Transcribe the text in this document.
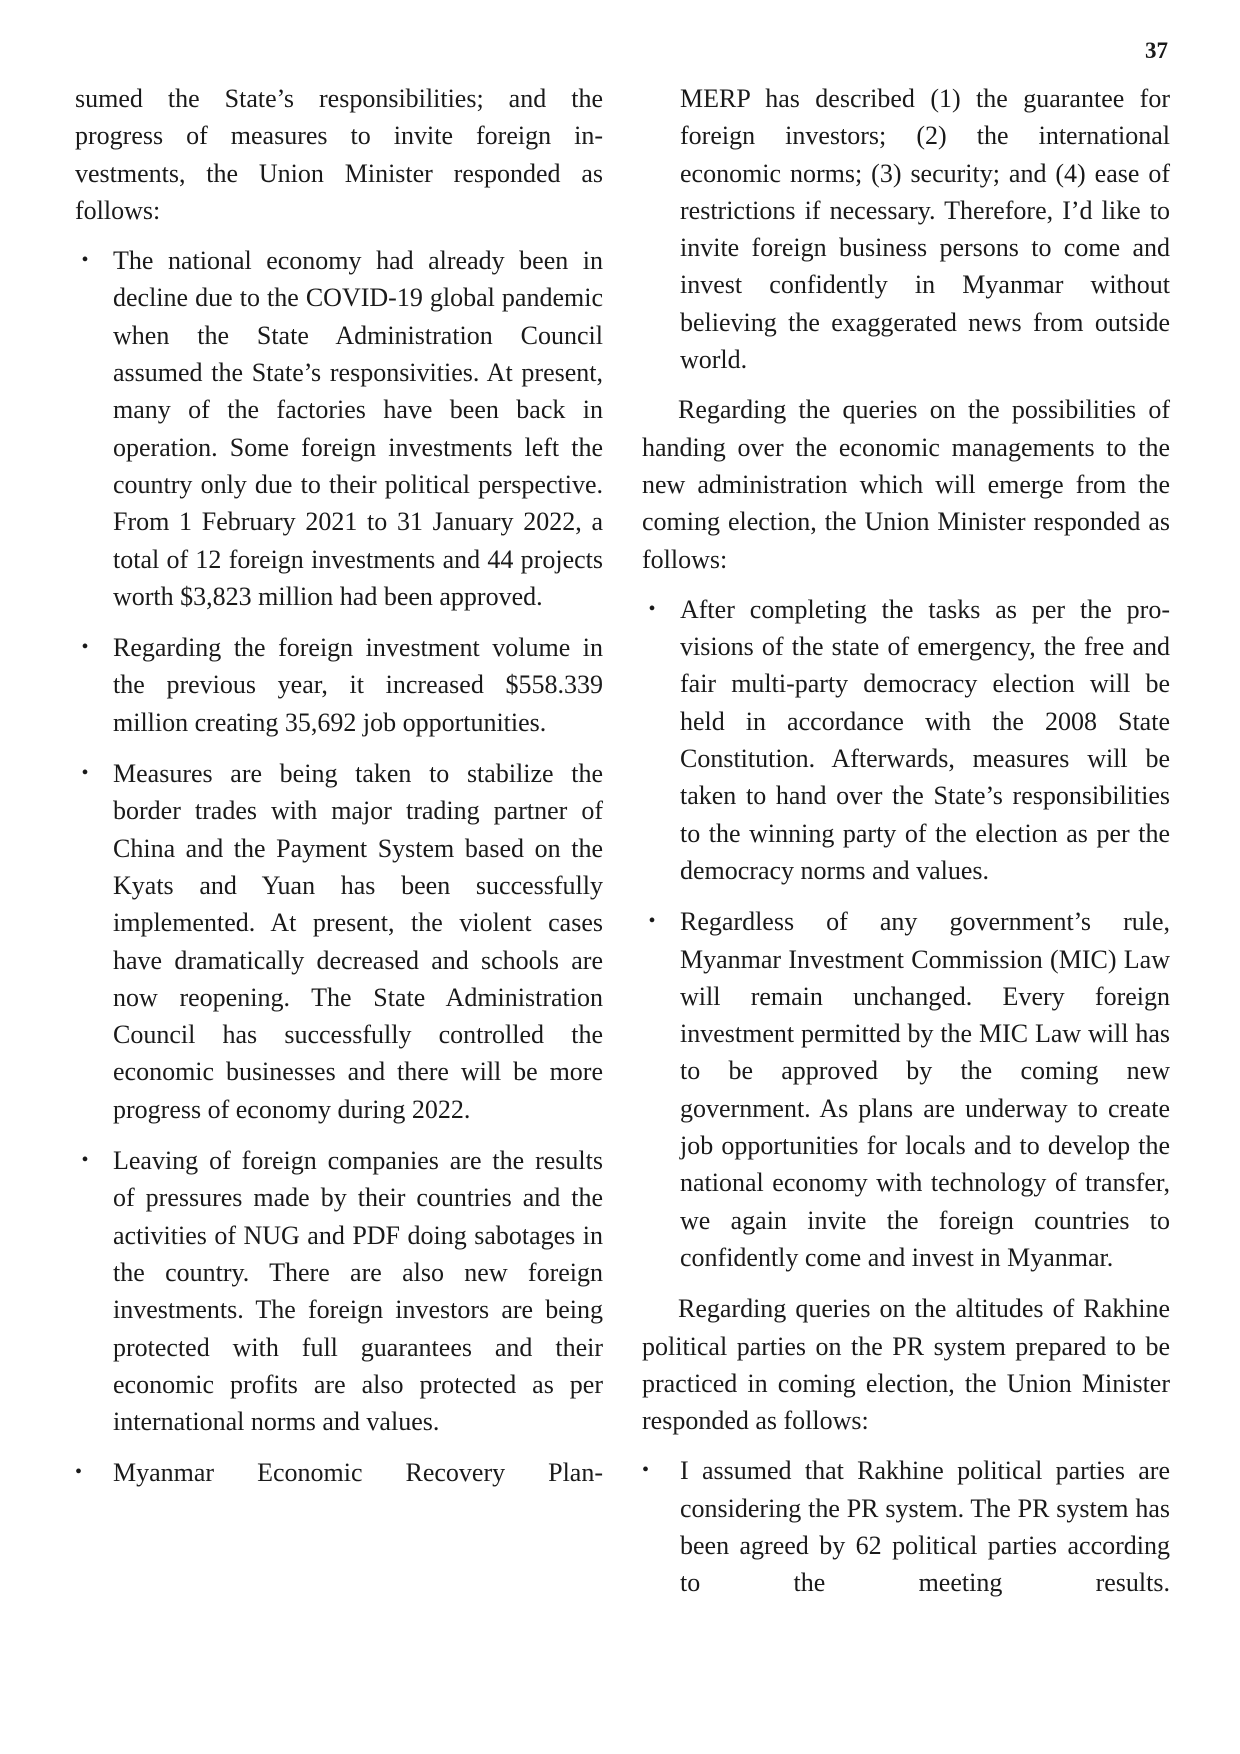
37

sumed the State’s responsibilities; and the progress of measures to invite foreign investments, the Union Minister responded as follows:

• The national economy had already been in decline due to the COVID-19 global pandemic when the State Administration Council assumed the State’s responsivities. At present, many of the factories have been back in operation. Some foreign investments left the country only due to their political perspective. From 1 February 2021 to 31 January 2022, a total of 12 foreign investments and 44 projects worth $3,823 million had been approved.
• Regarding the foreign investment volume in the previous year, it increased $558.339 million creating 35,692 job opportunities.
• Measures are being taken to stabilize the border trades with major trading partner of China and the Payment System based on the Kyats and Yuan has been successfully implemented. At present, the violent cases have dramatically decreased and schools are now reopening. The State Administration Council has successfully controlled the economic businesses and there will be more progress of economy during 2022.
• Leaving of foreign companies are the results of pressures made by their countries and the activities of NUG and PDF doing sabotages in the country. There are also new foreign investments. The foreign investors are being protected with full guarantees and their economic profits are also protected as per international norms and values.
•	Myanmar Economic Recovery Plan-

MERP has described (1) the guarantee for foreign investors; (2) the international economic norms; (3) security; and (4) ease of restrictions if necessary. Therefore, I’d like to invite foreign business persons to come and invest confidently in Myanmar without believing the exaggerated news from outside world.

Regarding the queries on the possibilities of handing over the economic managements to the new administration which will emerge from the coming election, the Union Minister responded as follows:

• After completing the tasks as per the provisions of the state of emergency, the free and fair multi-party democracy election will be held in accordance with the 2008 State Constitution. Afterwards, measures will be taken to hand over the State’s responsibilities to the winning party of the election as per the democracy norms and values.
• Regardless of any government’s rule, Myanmar Investment Commission (MIC) Law will remain unchanged. Every foreign investment permitted by the MIC Law will has to be approved by the coming new government. As plans are underway to create job opportunities for locals and to develop the national economy with technology of transfer, we again invite the foreign countries to confidently come and invest in Myanmar.

Regarding queries on the altitudes of Rakhine political parties on the PR system prepared to be practiced in coming election, the Union Minister responded as follows:

•	I assumed that Rakhine political parties are considering the PR system. The PR system has been agreed by 62 political parties according to the meeting results.
